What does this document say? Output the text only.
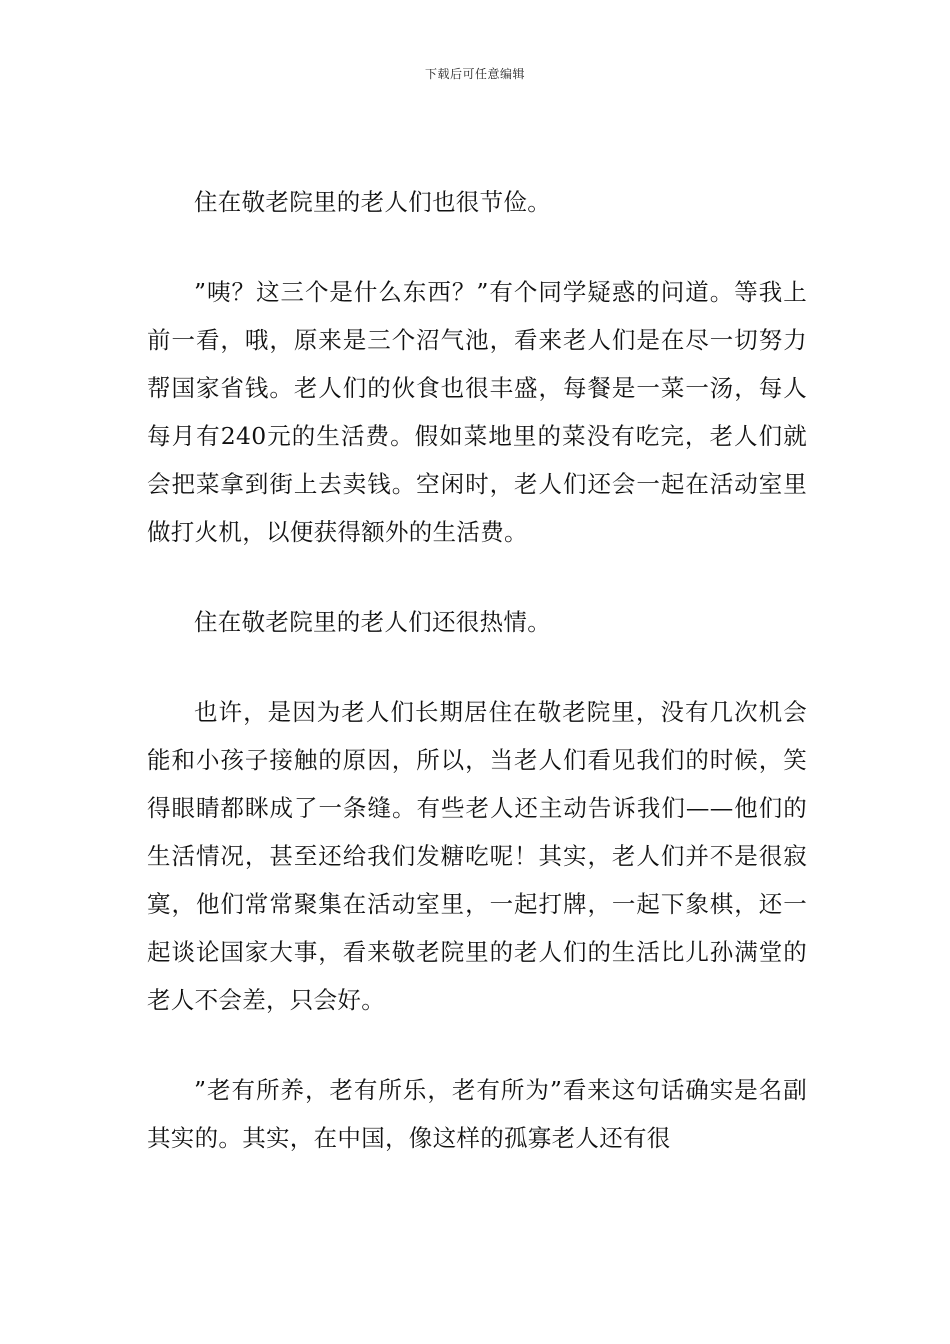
下载后可任意编辑

住在敬老院里的老人们也很节俭。

”咦？这三个是什么东西？”有个同学疑惑的问道。等我上前一看，哦，原来是三个沼气池，看来老人们是在尽一切努力帮国家省钱。老人们的伙食也很丰盛，每餐是一菜一汤，每人每月有240元的生活费。假如菜地里的菜没有吃完，老人们就会把菜拿到街上去卖钱。空闲时，老人们还会一起在活动室里做打火机，以便获得额外的生活费。

住在敬老院里的老人们还很热情。

也许，是因为老人们长期居住在敬老院里，没有几次机会能和小孩子接触的原因，所以，当老人们看见我们的时候，笑得眼睛都眯成了一条缝。有些老人还主动告诉我们——他们的生活情况，甚至还给我们发糖吃呢！其实，老人们并不是很寂寞，他们常常聚集在活动室里，一起打牌，一起下象棋，还一起谈论国家大事，看来敬老院里的老人们的生活比儿孙满堂的老人不会差，只会好。

”老有所养，老有所乐，老有所为”看来这句话确实是名副其实的。其实，在中国，像这样的孤寡老人还有很
